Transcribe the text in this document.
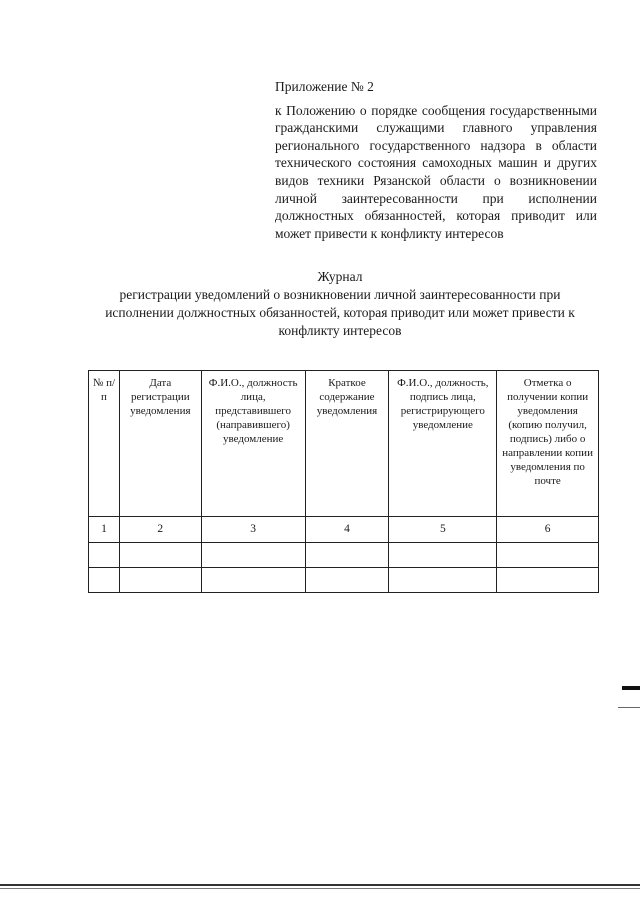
Приложение № 2
к Положению о порядке сообщения государственными гражданскими служащими главного управления регионального государственного надзора в области технического состояния самоходных машин и других видов техники Рязанской области о возникновении личной заинтересованности при исполнении должностных обязанностей, которая приводит или может привести к конфликту интересов
Журнал
регистрации уведомлений о возникновении личной заинтересованности при исполнении должностных обязанностей, которая приводит или может привести к конфликту интересов
№ п/п	Дата регистрации уведомления	Ф.И.О., должность лица, представившего (направившего) уведомление	Краткое содержание уведомления	Ф.И.О., должность, подпись лица, регистрирующего уведомление	Отметка о получении копии уведомления (копию получил, подпись) либо о направлении копии уведомления по почте
1	2	3	4	5	6
